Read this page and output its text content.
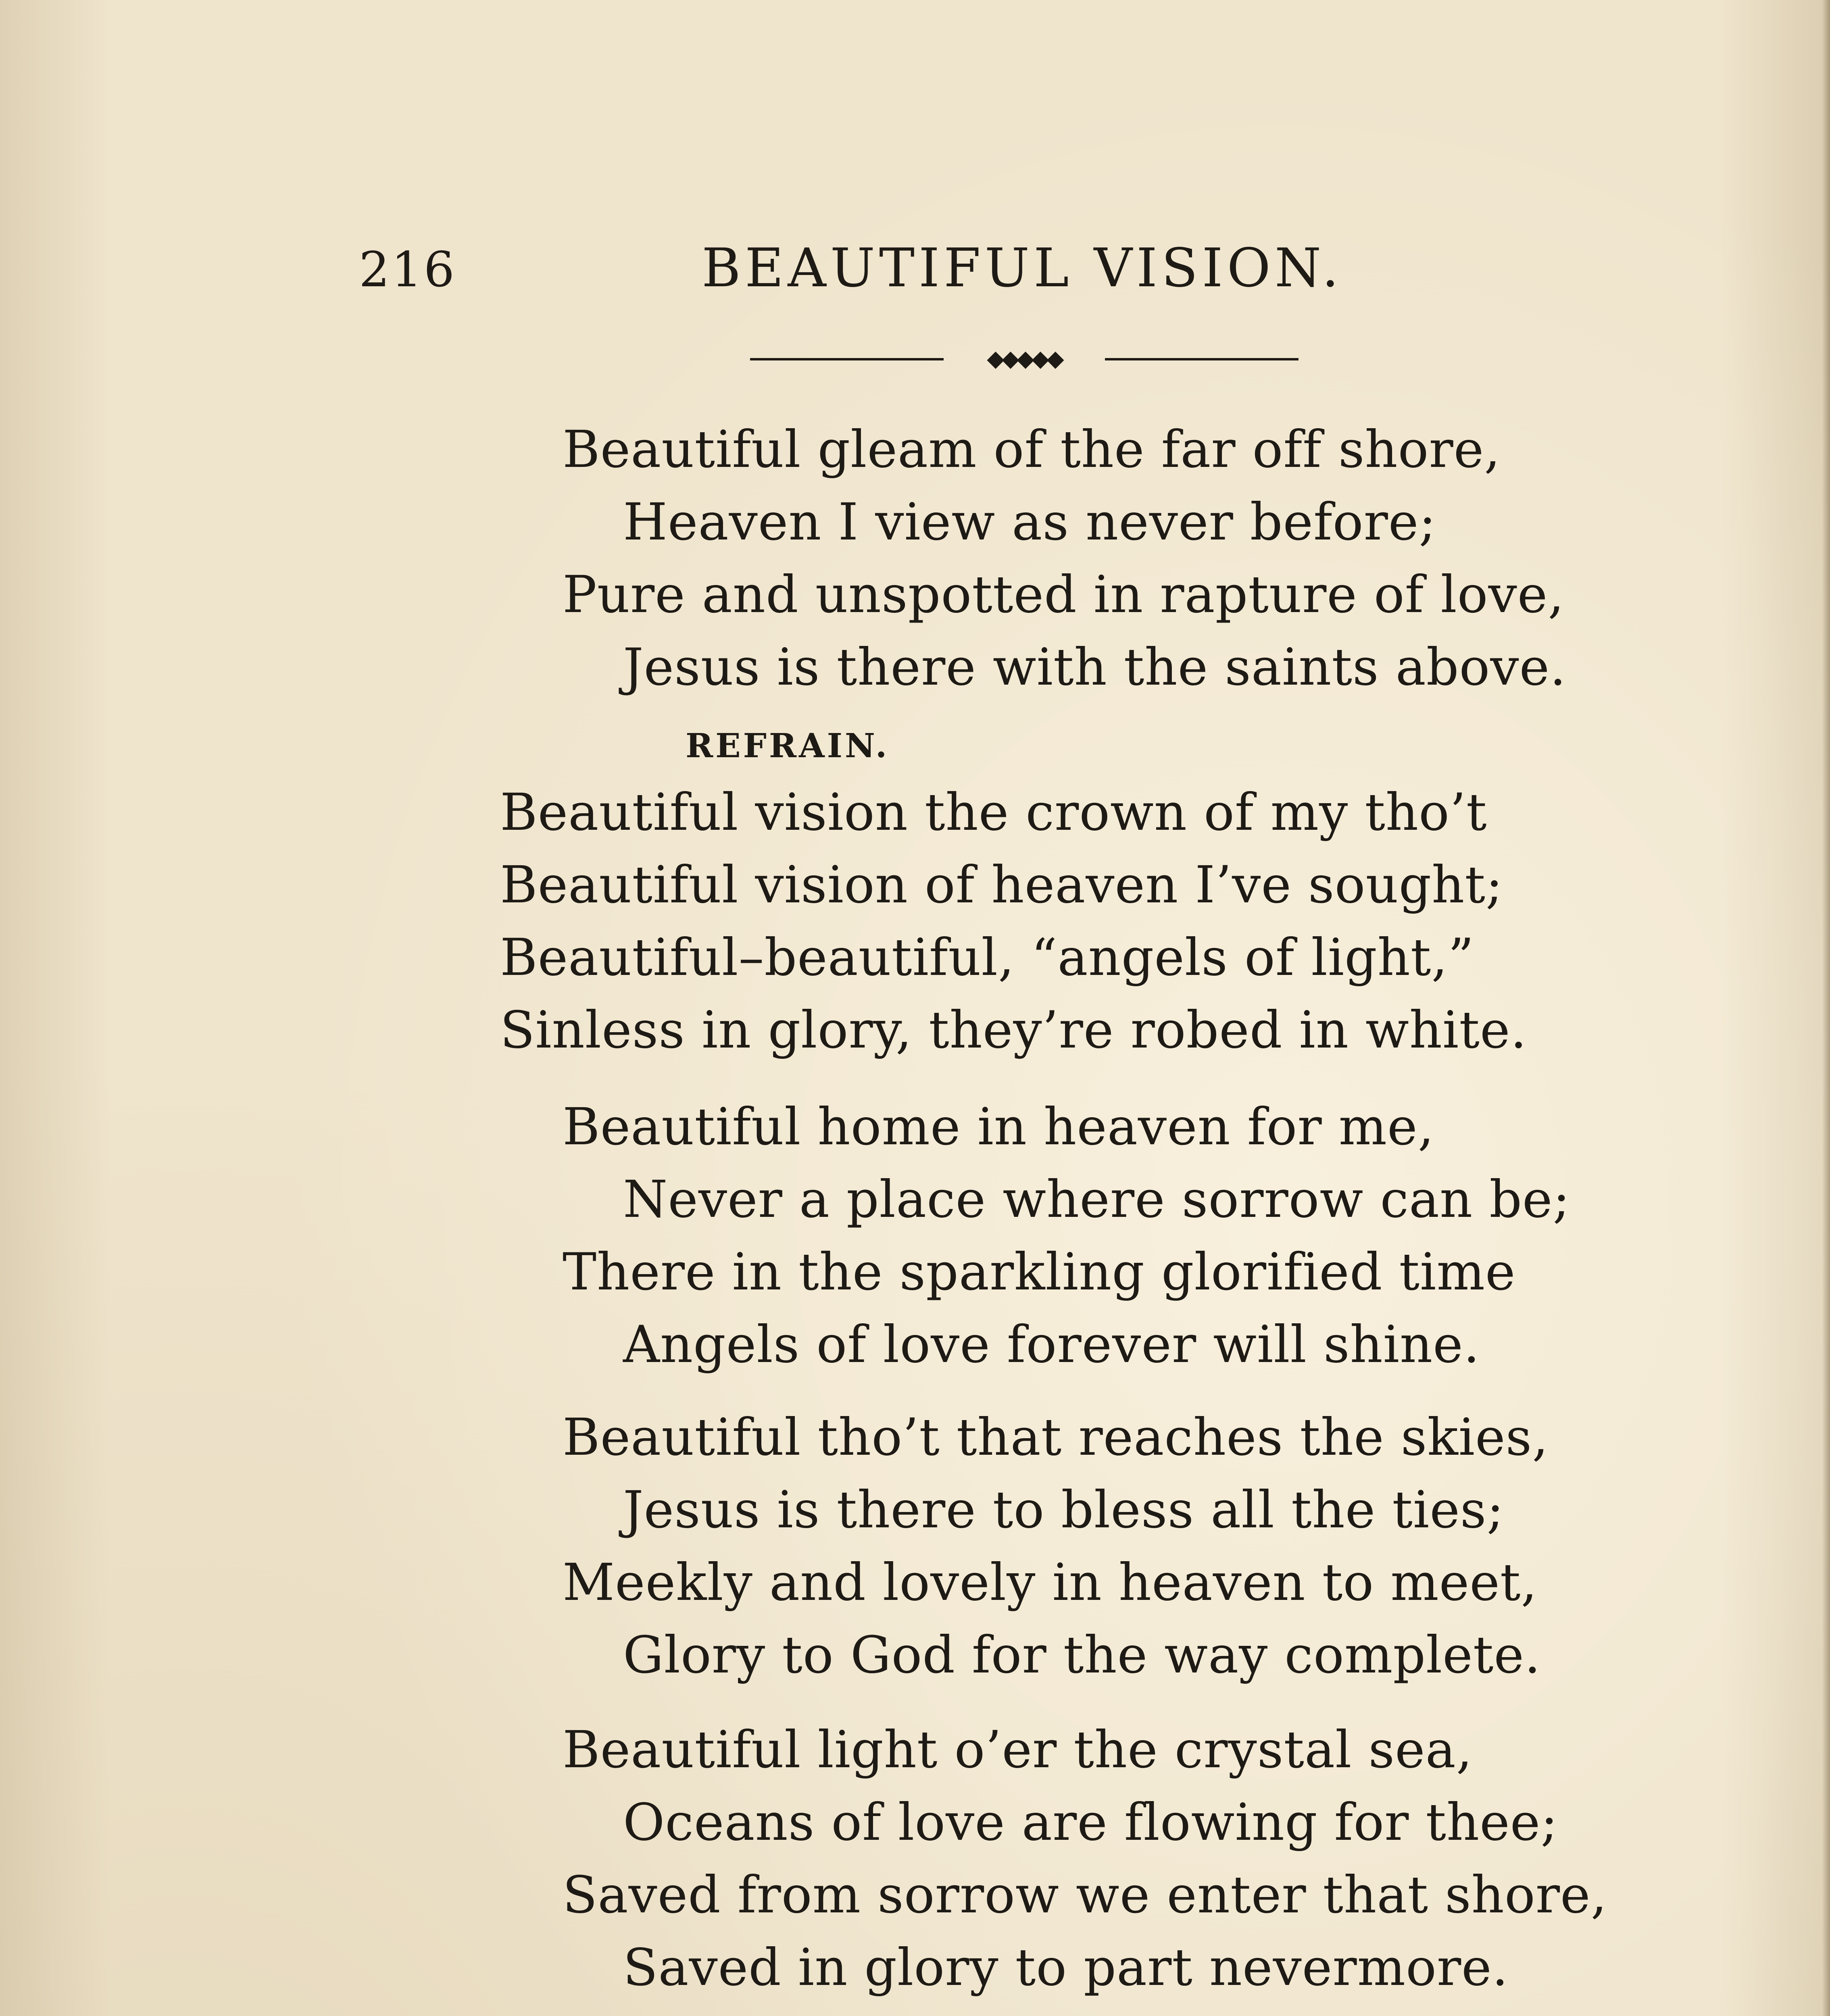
216	BEAUTIFUL VISION.
◆◆◆◆◆
Beautiful gleam of the far off shore,
Heaven I view as never before;
Pure and unspotted in rapture of love,
Jesus is there with the saints above.
REFRAIN.
Beautiful vision the crown of my tho’t
Beautiful vision of heaven I’ve sought;
Beautiful–beautiful, “angels of light,”
Sinless in glory, they’re robed in white.
Beautiful home in heaven for me,
Never a place where sorrow can be;
There in the sparkling glorified time
Angels of love forever will shine.
Beautiful tho’t that reaches the skies,
Jesus is there to bless all the ties;
Meekly and lovely in heaven to meet,
Glory to God for the way complete.
Beautiful light o’er the crystal sea,
Oceans of love are flowing for thee;
Saved from sorrow we enter that shore,
Saved in glory to part nevermore.
